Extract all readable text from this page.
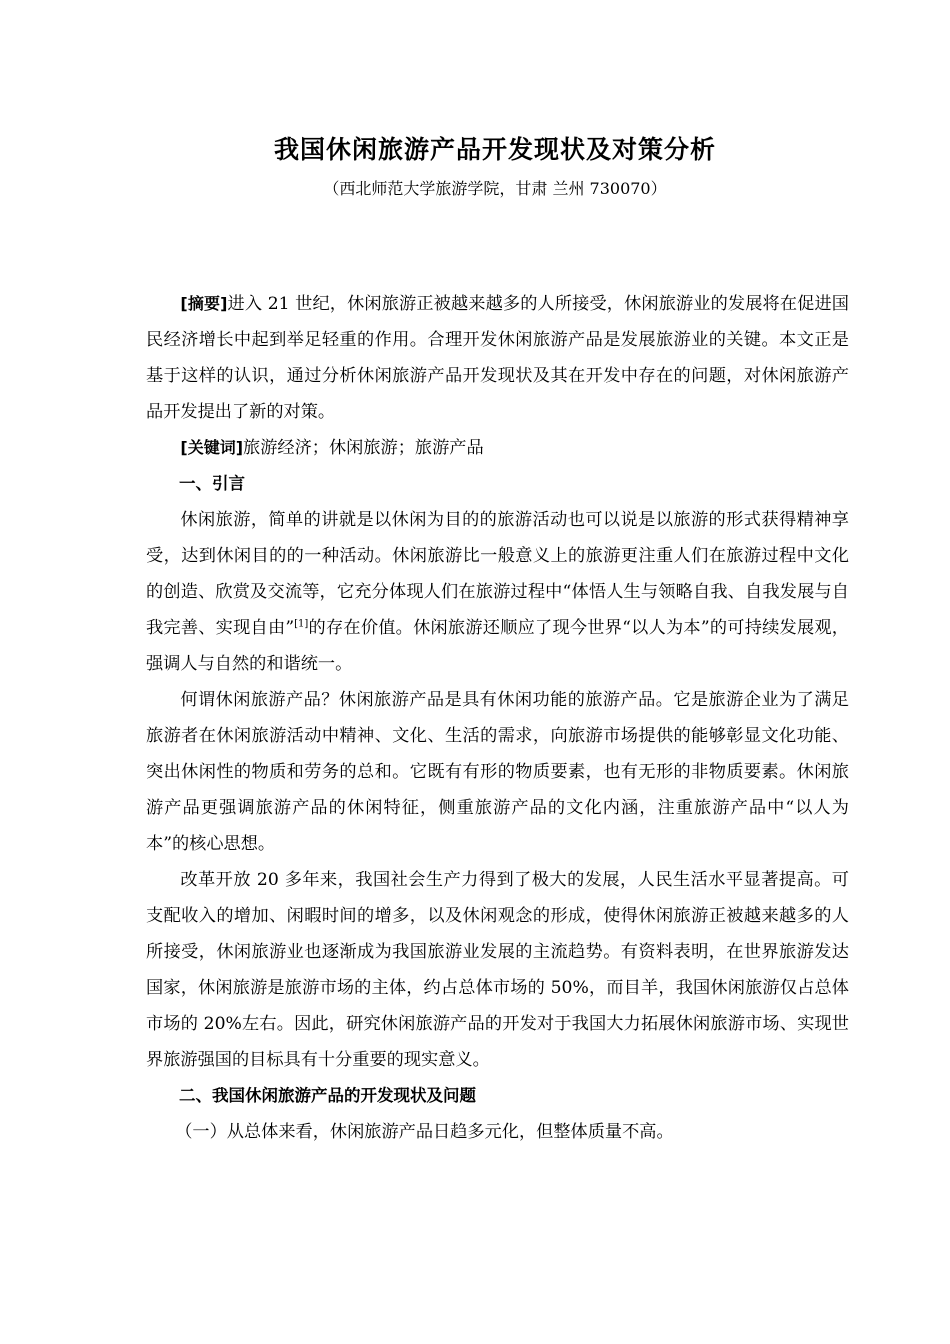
我国休闲旅游产品开发现状及对策分析
（西北师范大学旅游学院，甘肃 兰州 730070）

[摘要]进入 21 世纪，休闲旅游正被越来越多的人所接受，休闲旅游业的发展将在促进国民经济增长中起到举足轻重的作用。合理开发休闲旅游产品是发展旅游业的关键。本文正是基于这样的认识，通过分析休闲旅游产品开发现状及其在开发中存在的问题，对休闲旅游产品开发提出了新的对策。

[关键词]旅游经济；休闲旅游；旅游产品

一、引言

休闲旅游，简单的讲就是以休闲为目的的旅游活动也可以说是以旅游的形式获得精神享受，达到休闲目的的一种活动。休闲旅游比一般意义上的旅游更注重人们在旅游过程中文化的创造、欣赏及交流等，它充分体现人们在旅游过程中“体悟人生与领略自我、自我发展与自我完善、实现自由”[1]的存在价值。休闲旅游还顺应了现今世界“以人为本”的可持续发展观，强调人与自然的和谐统一。

何谓休闲旅游产品？休闲旅游产品是具有休闲功能的旅游产品。它是旅游企业为了满足旅游者在休闲旅游活动中精神、文化、生活的需求，向旅游市场提供的能够彰显文化功能、突出休闲性的物质和劳务的总和。它既有有形的物质要素，也有无形的非物质要素。休闲旅游产品更强调旅游产品的休闲特征，侧重旅游产品的文化内涵，注重旅游产品中“以人为本”的核心思想。

改革开放 20 多年来，我国社会生产力得到了极大的发展，人民生活水平显著提高。可支配收入的增加、闲暇时间的增多，以及休闲观念的形成，使得休闲旅游正被越来越多的人所接受，休闲旅游业也逐渐成为我国旅游业发展的主流趋势。有资料表明，在世界旅游发达国家，休闲旅游是旅游市场的主体，约占总体市场的 50%，而目羊，我国休闲旅游仅占总体市场的 20%左右。因此，研究休闲旅游产品的开发对于我国大力拓展休闲旅游市场、实现世界旅游强国的目标具有十分重要的现实意义。

二、我国休闲旅游产品的开发现状及问题

（一）从总体来看，休闲旅游产品日趋多元化，但整体质量不高。
